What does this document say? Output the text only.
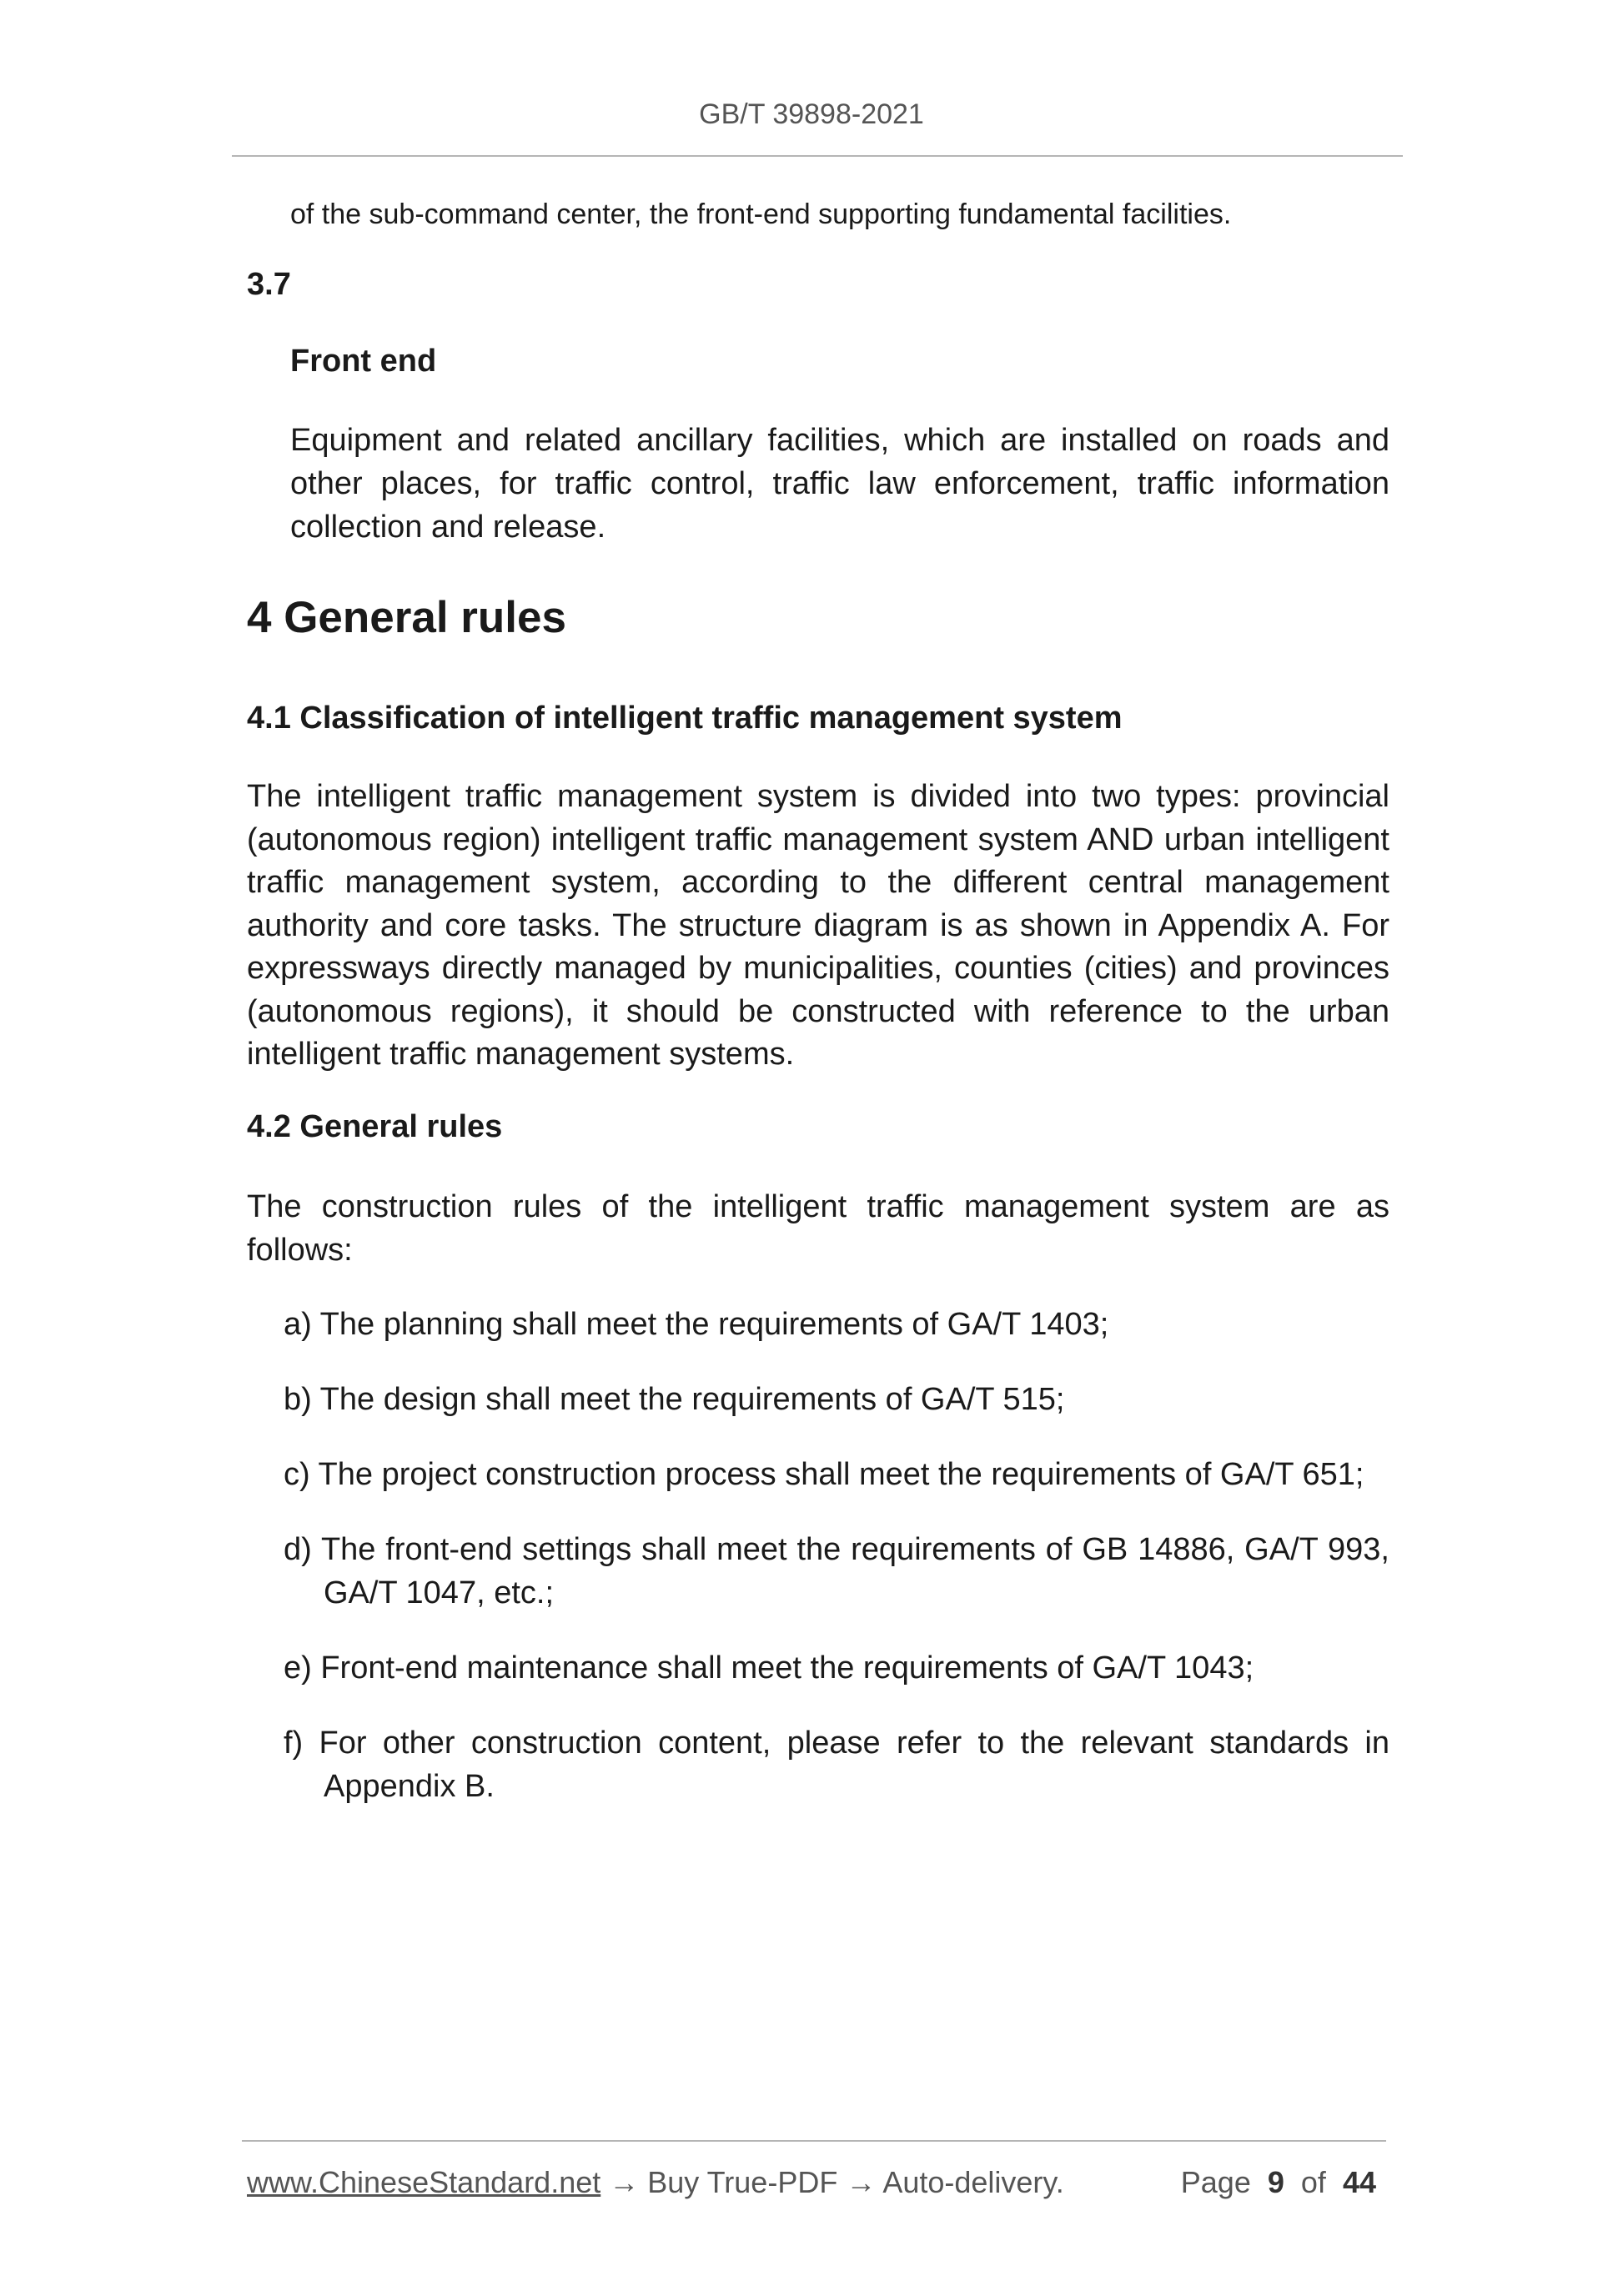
GB/T 39898-2021
of the sub-command center, the front-end supporting fundamental facilities.
3.7
Front end
Equipment and related ancillary facilities, which are installed on roads and other places, for traffic control, traffic law enforcement, traffic information collection and release.
4 General rules
4.1 Classification of intelligent traffic management system

The intelligent traffic management system is divided into two types: provincial (autonomous region) intelligent traffic management system AND urban intelligent traffic management system, according to the different central management authority and core tasks. The structure diagram is as shown in Appendix A. For expressways directly managed by municipalities, counties (cities) and provinces (autonomous regions), it should be constructed with reference to the urban intelligent traffic management systems.

4.2 General rules

The construction rules of the intelligent traffic management system are as follows:

a) The planning shall meet the requirements of GA/T 1403;
b) The design shall meet the requirements of GA/T 515;
c) The project construction process shall meet the requirements of GA/T 651;
d) The front-end settings shall meet the requirements of GB 14886, GA/T 993, GA/T 1047, etc.;
e) Front-end maintenance shall meet the requirements of GA/T 1043;
f) For other construction content, please refer to the relevant standards in Appendix B.
www.ChineseStandard.net → Buy True-PDF → Auto-delivery.	Page 9 of 44
